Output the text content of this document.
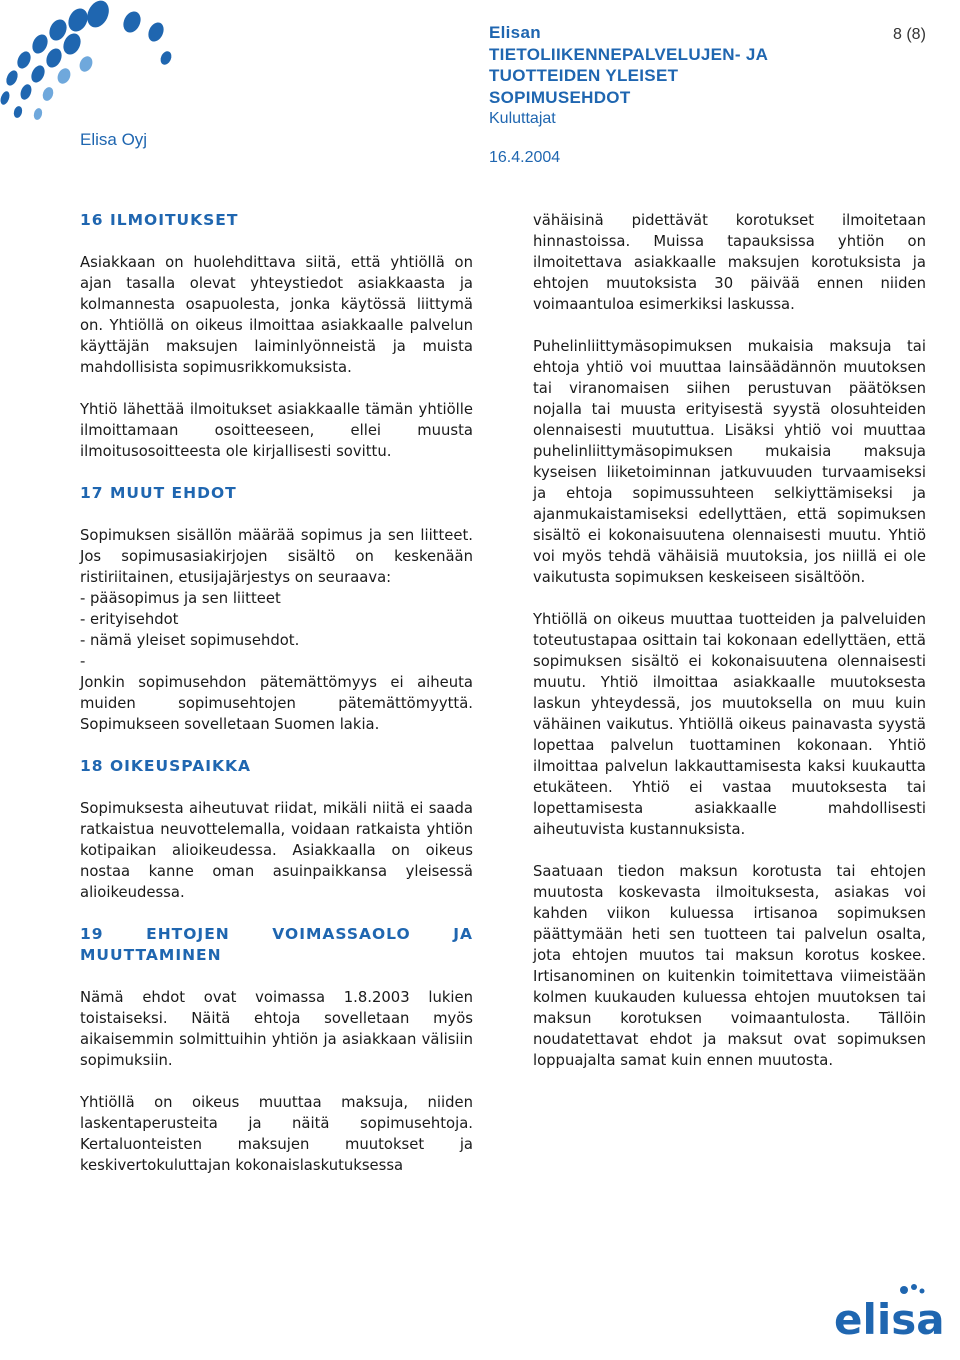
Elisa Oyj
Elisan
TIETOLIIKENNEPALVELUJEN- JA
TUOTTEIDEN YLEISET
SOPIMUSEHDOT
Kuluttajat
16.4.2004
8 (8)
16 ILMOITUKSET

Asiakkaan on huolehdittava siitä, että yhtiöllä on ajan tasalla olevat yhteystiedot asiakkaasta ja kolmannesta osapuolesta, jonka käytössä liittymä on. Yhtiöllä on oikeus ilmoittaa asiakkaalle palvelun käyttäjän maksujen laiminlyönneistä ja muista mahdollisista sopimusrikkomuksista.

Yhtiö lähettää ilmoitukset asiakkaalle tämän yhtiölle ilmoittamaan osoitteeseen, ellei muusta ilmoitusosoitteesta ole kirjallisesti sovittu.

17 MUUT EHDOT

Sopimuksen sisällön määrää sopimus ja sen liitteet. Jos sopimusasiakirjojen sisältö on keskenään ristiriitainen, etusijajärjestys on seuraava:

- pääsopimus ja sen liitteet
- erityisehdot
- nämä yleiset sopimusehdot.
-

Jonkin sopimusehdon pätemättömyys ei aiheuta muiden sopimusehtojen pätemättömyyttä. Sopimukseen sovelletaan Suomen lakia.

18 OIKEUSPAIKKA

Sopimuksesta aiheutuvat riidat, mikäli niitä ei saada ratkaistua neuvottelemalla, voidaan ratkaista yhtiön kotipaikan alioikeudessa. Asiakkaalla on oikeus nostaa kanne oman asuinpaikkansa yleisessä alioikeudessa.

19 EHTOJEN VOIMASSAOLO JA MUUTTAMINEN

Nämä ehdot ovat voimassa 1.8.2003 lukien toistaiseksi. Näitä ehtoja sovelletaan myös aikaisemmin solmittuihin yhtiön ja asiakkaan välisiin sopimuksiin.

Yhtiöllä on oikeus muuttaa maksuja, niiden laskentaperusteita ja näitä sopimusehtoja. Kertaluonteisten maksujen muutokset ja keskivertokuluttajan kokonaislaskutuksessa

vähäisinä pidettävät korotukset ilmoitetaan hinnastoissa. Muissa tapauksissa yhtiön on ilmoitettava asiakkaalle maksujen korotuksista ja ehtojen muutoksista 30 päivää ennen niiden voimaantuloa esimerkiksi laskussa.

Puhelinliittymäsopimuksen mukaisia maksuja tai ehtoja yhtiö voi muuttaa lainsäädännön muutoksen tai viranomaisen siihen perustuvan päätöksen nojalla tai muusta erityisestä syystä olosuhteiden olennaisesti muututtua. Lisäksi yhtiö voi muuttaa puhelinliittymäsopimuksen mukaisia maksuja kyseisen liiketoiminnan jatkuvuuden turvaamiseksi ja ehtoja sopimussuhteen selkiyttämiseksi ja ajanmukaistamiseksi edellyttäen, että sopimuksen sisältö ei kokonaisuutena olennaisesti muutu. Yhtiö voi myös tehdä vähäisiä muutoksia, jos niillä ei ole vaikutusta sopimuksen keskeiseen sisältöön.

Yhtiöllä on oikeus muuttaa tuotteiden ja palveluiden toteutustapaa osittain tai kokonaan edellyttäen, että sopimuksen sisältö ei kokonaisuutena olennaisesti muutu. Yhtiö ilmoittaa asiakkaalle muutoksesta laskun yhteydessä, jos muutoksella on muu kuin vähäinen vaikutus. Yhtiöllä oikeus painavasta syystä lopettaa palvelun tuottaminen kokonaan. Yhtiö ilmoittaa palvelun lakkauttamisesta kaksi kuukautta etukäteen. Yhtiö ei vastaa muutoksesta tai lopettamisesta asiakkaalle mahdollisesti aiheutuvista kustannuksista.

Saatuaan tiedon maksun korotusta tai ehtojen muutosta koskevasta ilmoituksesta, asiakas voi kahden viikon kuluessa irtisanoa sopimuksen päättymään heti sen tuotteen tai palvelun osalta, jota ehtojen muutos tai maksun korotus koskee. Irtisanominen on kuitenkin toimitettava viimeistään kolmen kuukauden kuluessa ehtojen muutoksen tai maksun korotuksen voimaantulosta. Tällöin noudatettavat ehdot ja maksut ovat sopimuksen loppuajalta samat kuin ennen muutosta.

elisa
